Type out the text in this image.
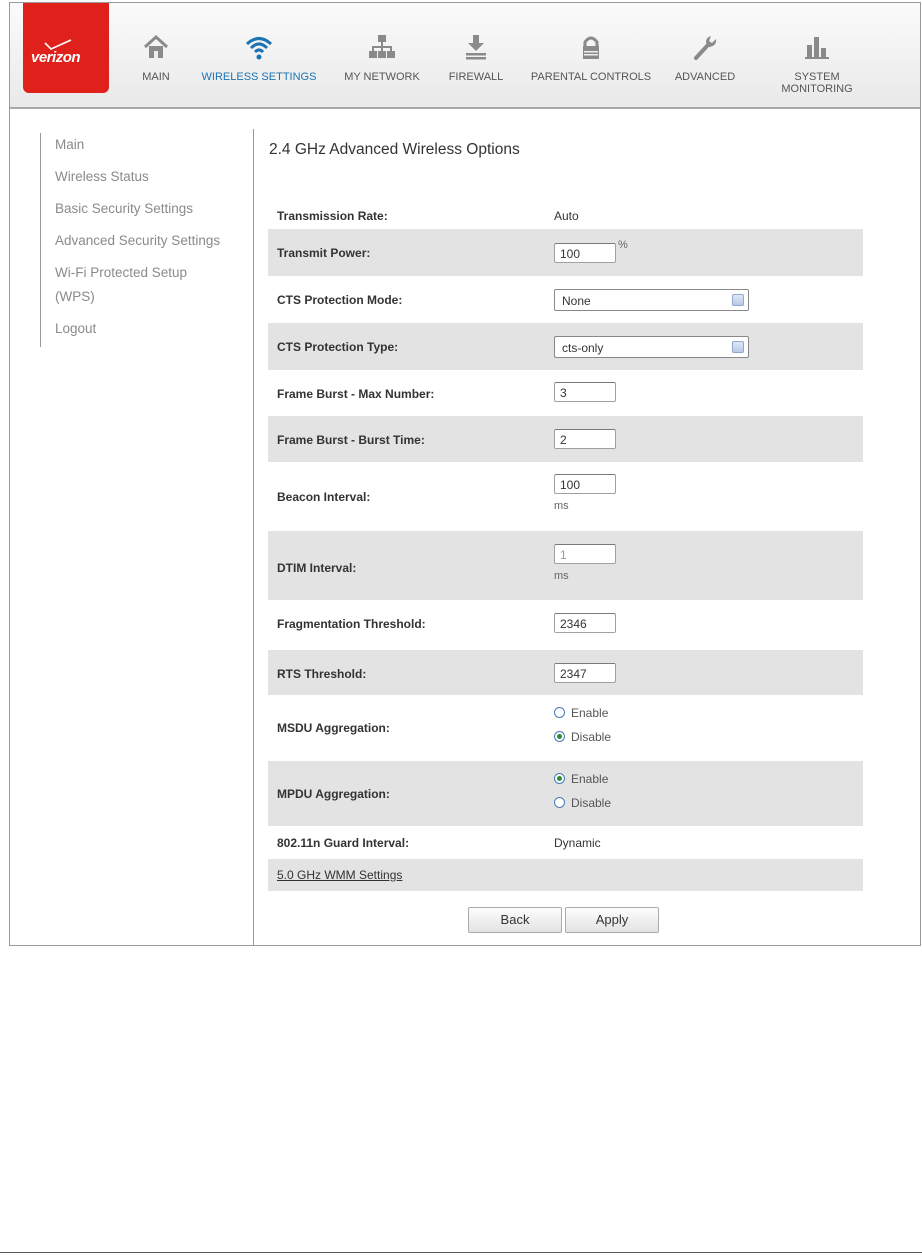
verizon
MAIN	WIRELESS SETTINGS	MY NETWORK	FIREWALL	PARENTAL CONTROLS ADVANCED	SYSTEM MONITORING
Main
Wireless Status
Basic Security Settings
Advanced Security Settings
Wi-Fi Protected Setup (WPS)
Logout
2.4 GHz Advanced Wireless Options
Transmission Rate:	Auto
Transmit Power:	100
%
CTS Protection Mode:	None
CTS Protection Type:	cts-only
Frame Burst - Max Number:	3
Frame Burst - Burst Time:	2
Beacon Interval:
100
ms
DTIM Interval:
1
ms
Fragmentation Threshold:	2346
RTS Threshold:	2347
MSDU Aggregation:
Enable
Disable
MPDU Aggregation:
Enable
Disable
802.11n Guard Interval:	Dynamic
5.0 GHz WMM Settings
Back	Apply
